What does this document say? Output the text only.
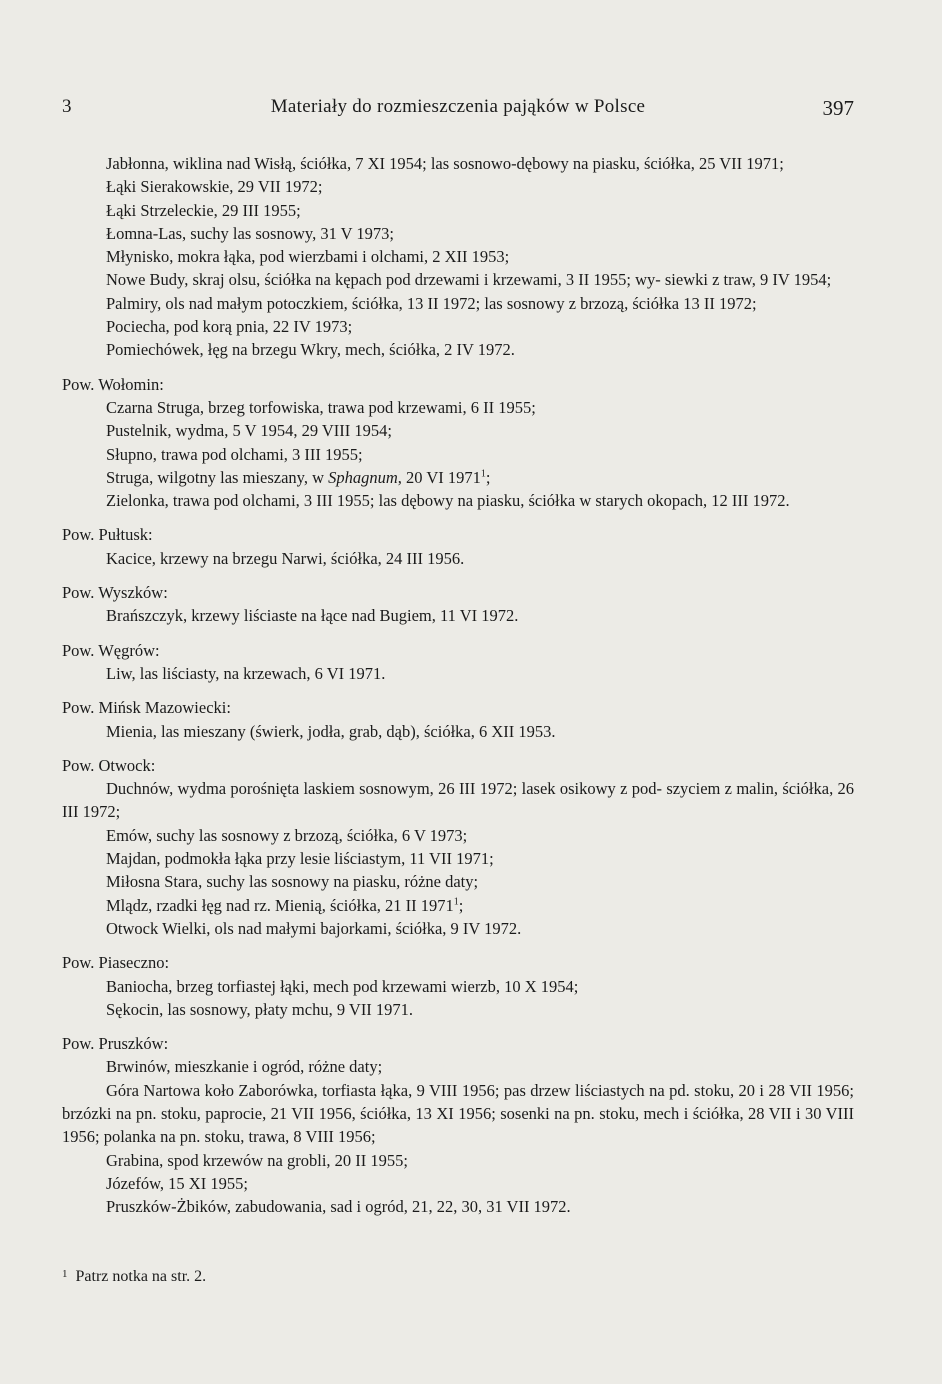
3	Materiały do rozmieszczenia pająków w Polsce	397

Jabłonna, wiklina nad Wisłą, ściółka, 7 XI 1954; las sosnowo-dębowy na piasku, ściółka, 25 VII 1971;

Łąki Sierakowskie, 29 VII 1972;

Łąki Strzeleckie, 29 III 1955;

Łomna-Las, suchy las sosnowy, 31 V 1973;

Młynisko, mokra łąka, pod wierzbami i olchami, 2 XII 1953;

Nowe Budy, skraj olsu, ściółka na kępach pod drzewami i krzewami, 3 II 1955; wy- siewki z traw, 9 IV 1954;

Palmiry, ols nad małym potoczkiem, ściółka, 13 II 1972; las sosnowy z brzozą, ściółka 13 II 1972;

Pociecha, pod korą pnia, 22 IV 1973;

Pomiechówek, łęg na brzegu Wkry, mech, ściółka, 2 IV 1972.

Pow. Wołomin:

Czarna Struga, brzeg torfowiska, trawa pod krzewami, 6 II 1955;

Pustelnik, wydma, 5 V 1954, 29 VIII 1954;

Słupno, trawa pod olchami, 3 III 1955;

Struga, wilgotny las mieszany, w Sphagnum, 20 VI 1971$^1$;

Zielonka, trawa pod olchami, 3 III 1955; las dębowy na piasku, ściółka w starych okopach, 12 III 1972.

Pow. Pułtusk:

Kacice, krzewy na brzegu Narwi, ściółka, 24 III 1956.

Pow. Wyszków:

Brańszczyk, krzewy liściaste na łące nad Bugiem, 11 VI 1972.

Pow. Węgrów:

Liw, las liściasty, na krzewach, 6 VI 1971.

Pow. Mińsk Mazowiecki:

Mienia, las mieszany (świerk, jodła, grab, dąb), ściółka, 6 XII 1953.

Pow. Otwock:

Duchnów, wydma porośnięta laskiem sosnowym, 26 III 1972; lasek osikowy z pod- szyciem z malin, ściółka, 26 III 1972;

Emów, suchy las sosnowy z brzozą, ściółka, 6 V 1973;

Majdan, podmokła łąka przy lesie liściastym, 11 VII 1971;

Miłosna Stara, suchy las sosnowy na piasku, różne daty;

Mlądz, rzadki łęg nad rz. Mienią, ściółka, 21 II 1971$^1$;

Otwock Wielki, ols nad małymi bajorkami, ściółka, 9 IV 1972.

Pow. Piaseczno:

Baniocha, brzeg torfiastej łąki, mech pod krzewami wierzb, 10 X 1954;

Sękocin, las sosnowy, płaty mchu, 9 VII 1971.

Pow. Pruszków:

Brwinów, mieszkanie i ogród, różne daty;

Góra Nartowa koło Zaborówka, torfiasta łąka, 9 VIII 1956; pas drzew liściastych na pd. stoku, 20 i 28 VII 1956; brzózki na pn. stoku, paprocie, 21 VII 1956, ściółka, 13 XI 1956; sosenki na pn. stoku, mech i ściółka, 28 VII i 30 VIII 1956; polanka na pn. stoku, trawa, 8 VIII 1956;

Grabina, spod krzewów na grobli, 20 II 1955;

Józefów, 15 XI 1955;

Pruszków-Żbików, zabudowania, sad i ogród, 21, 22, 30, 31 VII 1972.

$^1$ Patrz notka na str. 2.
